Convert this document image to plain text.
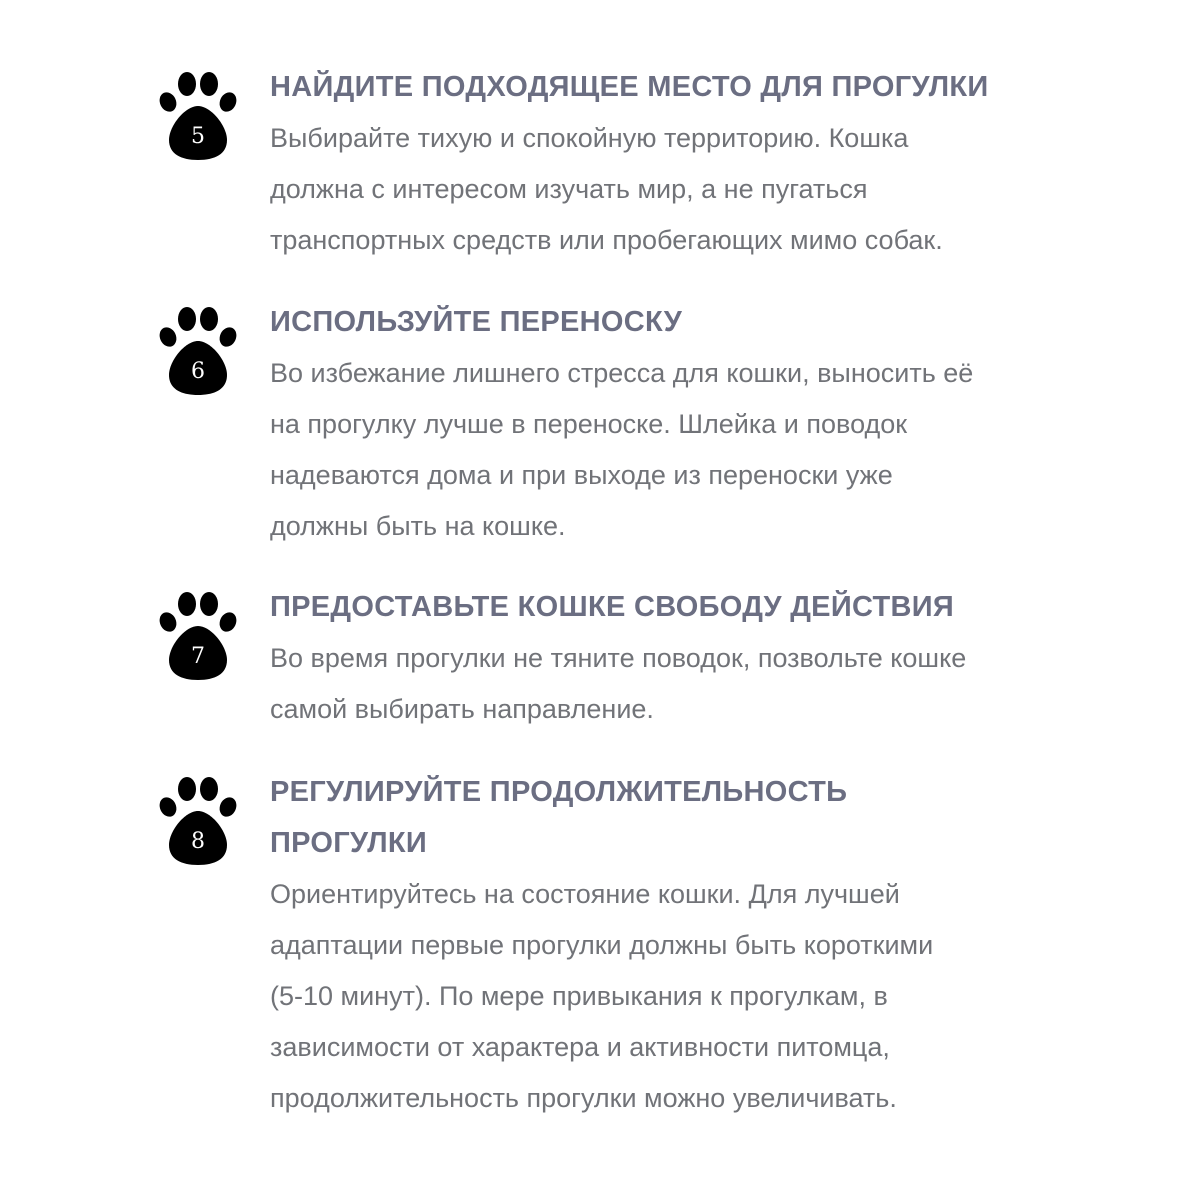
5

НАЙДИТЕ ПОДХОДЯЩЕЕ МЕСТО ДЛЯ ПРОГУЛКИ

Выбирайте тихую и спокойную территорию. Кошка
должна с интересом изучать мир, а не пугаться
транспортных средств или пробегающих мимо собак.

6

ИСПОЛЬЗУЙТЕ ПЕРЕНОСКУ

Во избежание лишнего стресса для кошки, выносить её
на прогулку лучше в переноске. Шлейка и поводок
надеваются дома и при выходе из переноски уже
должны быть на кошке.

7

ПРЕДОСТАВЬТЕ КОШКЕ СВОБОДУ ДЕЙСТВИЯ

Во время прогулки не тяните поводок, позвольте кошке
самой выбирать направление.

8

РЕГУЛИРУЙТЕ ПРОДОЛЖИТЕЛЬНОСТЬ
ПРОГУЛКИ

Ориентируйтесь на состояние кошки. Для лучшей
адаптации первые прогулки должны быть короткими
(5-10 минут). По мере привыкания к прогулкам, в
зависимости от характера и активности питомца,
продолжительность прогулки можно увеличивать.
